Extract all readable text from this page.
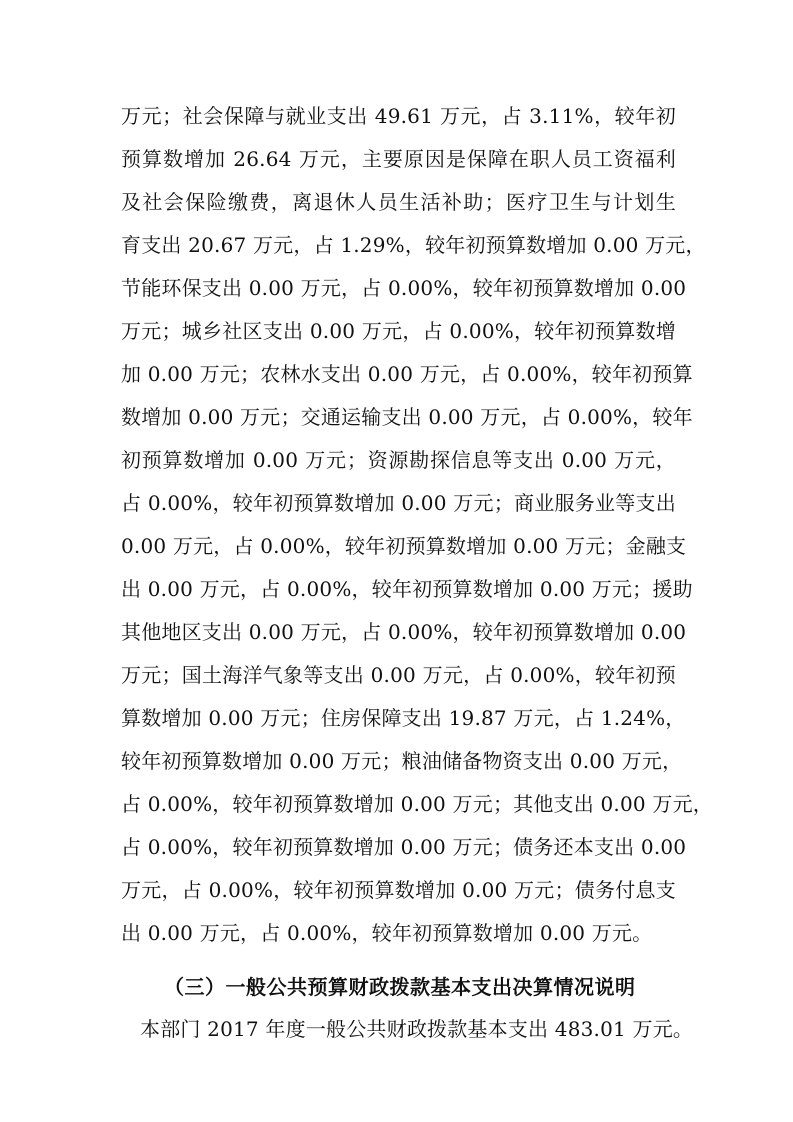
万元；社会保障与就业支出 49.61 万元，占 3.11%，较年初
预算数增加 26.64 万元，主要原因是保障在职人员工资福利
及社会保险缴费，离退休人员生活补助；医疗卫生与计划生
育支出 20.67 万元，占 1.29%，较年初预算数增加 0.00 万元，
节能环保支出 0.00 万元，占 0.00%，较年初预算数增加 0.00
万元；城乡社区支出 0.00 万元，占 0.00%，较年初预算数增
加 0.00 万元；农林水支出 0.00 万元，占 0.00%，较年初预算
数增加 0.00 万元；交通运输支出 0.00 万元，占 0.00%，较年
初预算数增加 0.00 万元；资源勘探信息等支出 0.00 万元，
占 0.00%，较年初预算数增加 0.00 万元；商业服务业等支出
0.00 万元，占 0.00%，较年初预算数增加 0.00 万元；金融支
出 0.00 万元，占 0.00%，较年初预算数增加 0.00 万元；援助
其他地区支出 0.00 万元，占 0.00%，较年初预算数增加 0.00
万元；国土海洋气象等支出 0.00 万元，占 0.00%，较年初预
算数增加 0.00 万元；住房保障支出 19.87 万元，占 1.24%，
较年初预算数增加 0.00 万元；粮油储备物资支出 0.00 万元，
占 0.00%，较年初预算数增加 0.00 万元；其他支出 0.00 万元，
占 0.00%，较年初预算数增加 0.00 万元；债务还本支出 0.00
万元，占 0.00%，较年初预算数增加 0.00 万元；债务付息支
出 0.00 万元，占 0.00%，较年初预算数增加 0.00 万元。
（三）一般公共预算财政拨款基本支出决算情况说明
本部门 2017 年度一般公共财政拨款基本支出 483.01 万元。
